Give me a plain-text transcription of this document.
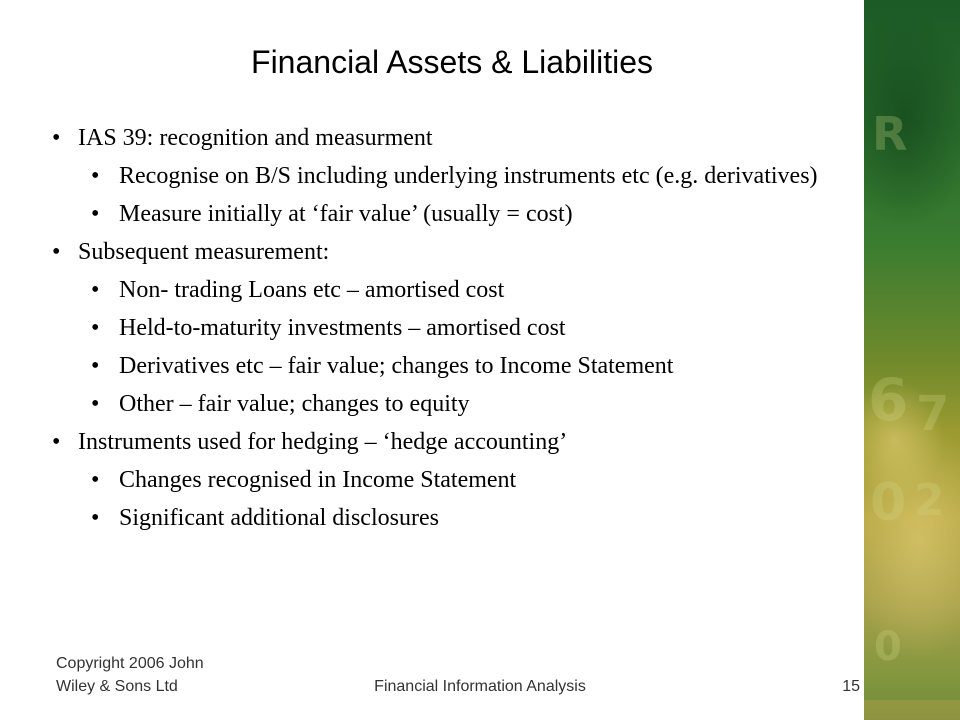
R
6 7
0 2
0
Financial Assets & Liabilities
• IAS 39: recognition and measurment
• Recognise on B/S including underlying instruments etc (e.g. derivatives)
• Measure initially at ‘fair value’ (usually = cost)
• Subsequent measurement:
• Non- trading Loans etc – amortised cost
• Held-to-maturity investments – amortised cost
• Derivatives etc – fair value; changes to Income Statement
• Other – fair value; changes to equity
• Instruments used for hedging – ‘hedge accounting’
• Changes recognised in Income Statement
• Significant additional disclosures
Copyright 2006 John Wiley & Sons Ltd	Financial Information Analysis	15
